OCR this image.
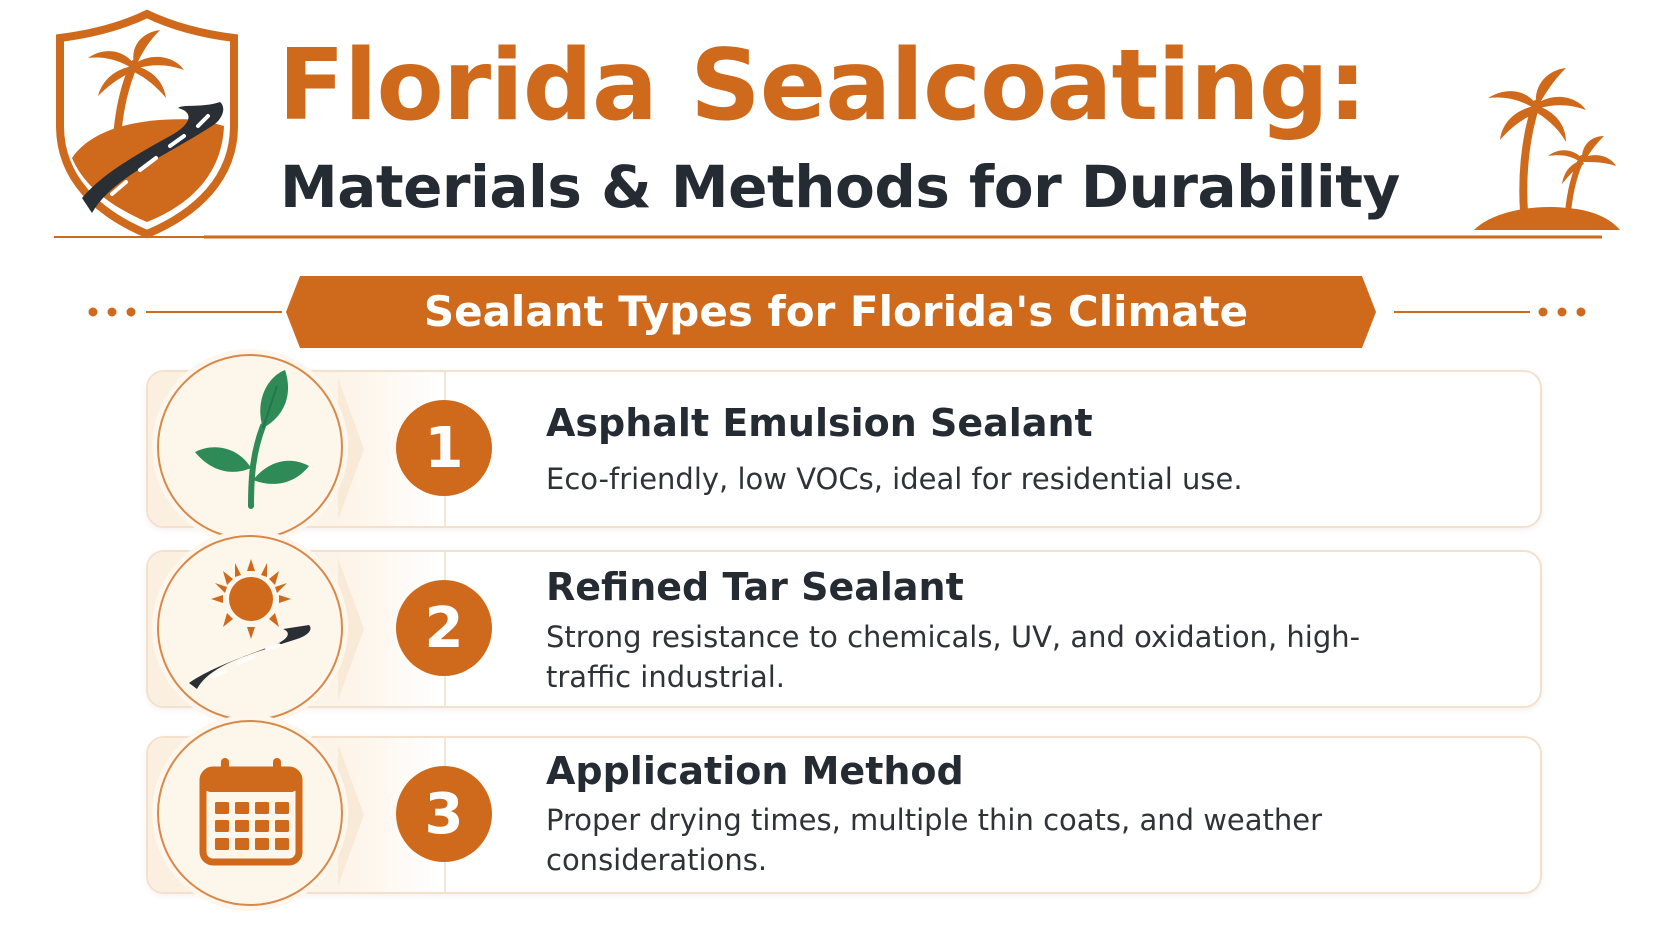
Florida Sealcoating:
Materials & Methods for Durability
Sealant Types for Florida's Climate
1	Asphalt Emulsion Sealant

Eco-friendly, low VOCs, ideal for residential use.

2
Refined Tar Sealant

Strong resistance to chemicals, UV, and oxidation, high-traffic industrial.

3
Application Method

Proper drying times, multiple thin coats, and weather considerations.
